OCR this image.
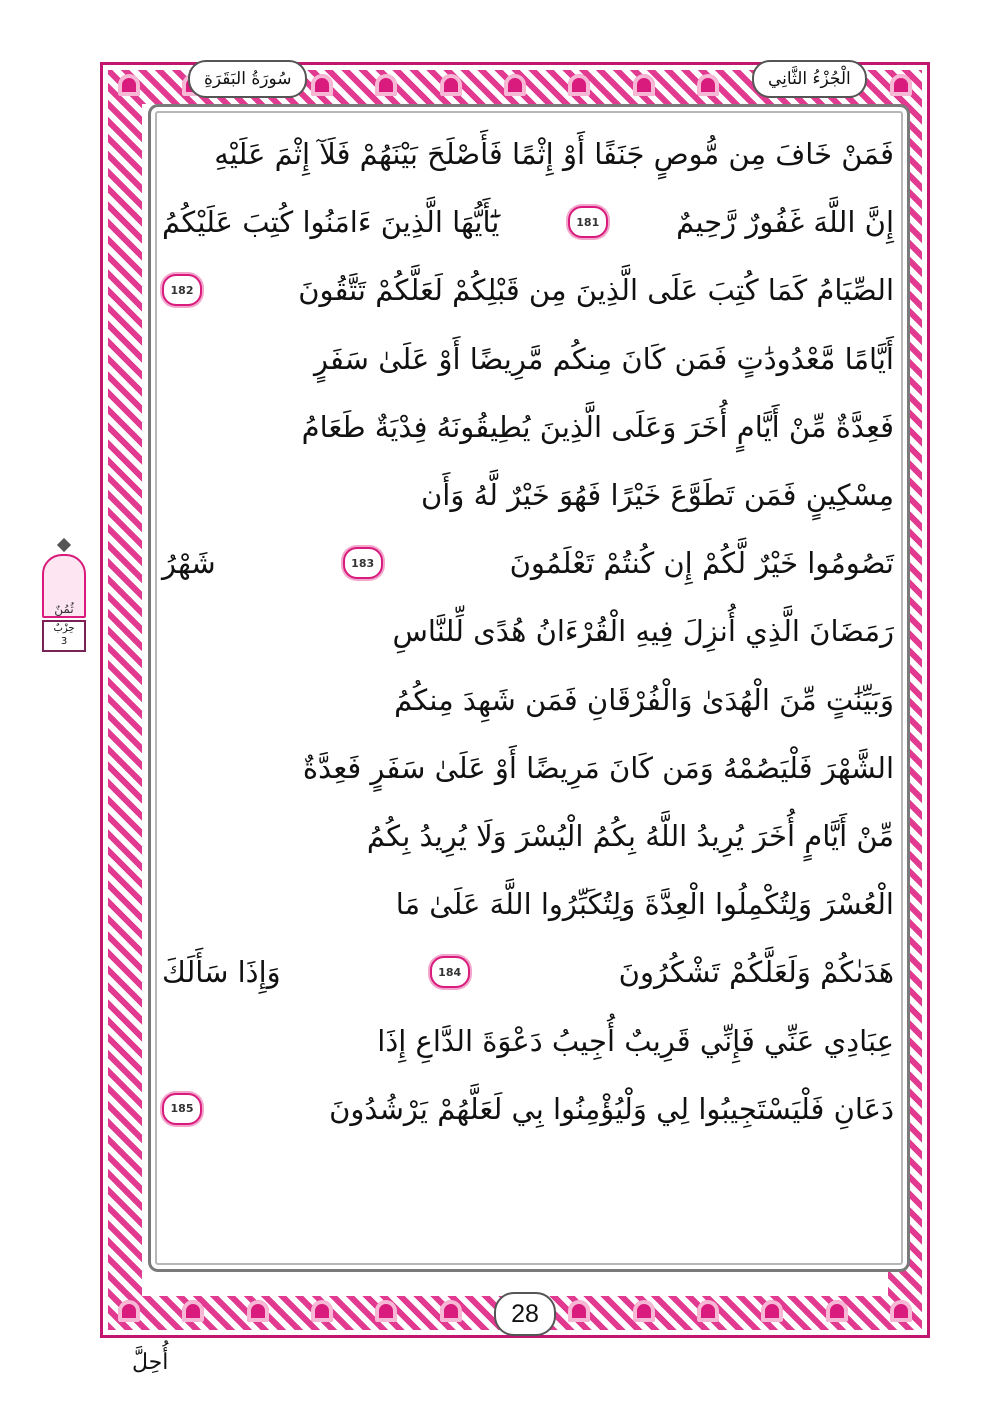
الْجُزْءُ الثَّانِي
سُورَةُ البَقَرَةِ
فَمَنْ خَافَ مِن مُّوصٍ جَنَفًا أَوْ إِثْمًا فَأَصْلَحَ بَيْنَهُمْ فَلَآ إِثْمَ عَلَيْهِ
إِنَّ اللَّهَ غَفُورٌ رَّحِيمٌ
181
يَٰٓأَيُّهَا الَّذِينَ ءَامَنُوا كُتِبَ عَلَيْكُمُ
الصِّيَامُ كَمَا كُتِبَ عَلَى الَّذِينَ مِن قَبْلِكُمْ لَعَلَّكُمْ تَتَّقُونَ
182
أَيَّامًا مَّعْدُودَٰتٍ فَمَن كَانَ مِنكُم مَّرِيضًا أَوْ عَلَىٰ سَفَرٍ
فَعِدَّةٌ مِّنْ أَيَّامٍ أُخَرَ وَعَلَى الَّذِينَ يُطِيقُونَهُ فِدْيَةٌ طَعَامُ
مِسْكِينٍ فَمَن تَطَوَّعَ خَيْرًا فَهُوَ خَيْرٌ لَّهُ وَأَن
تَصُومُوا خَيْرٌ لَّكُمْ إِن كُنتُمْ تَعْلَمُونَ
183
شَهْرُ
رَمَضَانَ الَّذِي أُنزِلَ فِيهِ الْقُرْءَانُ هُدًى لِّلنَّاسِ
وَبَيِّنَٰتٍ مِّنَ الْهُدَىٰ وَالْفُرْقَانِ فَمَن شَهِدَ مِنكُمُ
الشَّهْرَ فَلْيَصُمْهُ وَمَن كَانَ مَرِيضًا أَوْ عَلَىٰ سَفَرٍ فَعِدَّةٌ
مِّنْ أَيَّامٍ أُخَرَ يُرِيدُ اللَّهُ بِكُمُ الْيُسْرَ وَلَا يُرِيدُ بِكُمُ
الْعُسْرَ وَلِتُكْمِلُوا الْعِدَّةَ وَلِتُكَبِّرُوا اللَّهَ عَلَىٰ مَا
هَدَىٰكُمْ وَلَعَلَّكُمْ تَشْكُرُونَ
184
وَإِذَا سَأَلَكَ
عِبَادِي عَنِّي فَإِنِّي قَرِيبٌ أُجِيبُ دَعْوَةَ الدَّاعِ إِذَا
دَعَانِ فَلْيَسْتَجِيبُوا لِي وَلْيُؤْمِنُوا بِي لَعَلَّهُمْ يَرْشُدُونَ
185
28
أُحِلَّ
ثُمُنٌ
حِزْبٌ
3
